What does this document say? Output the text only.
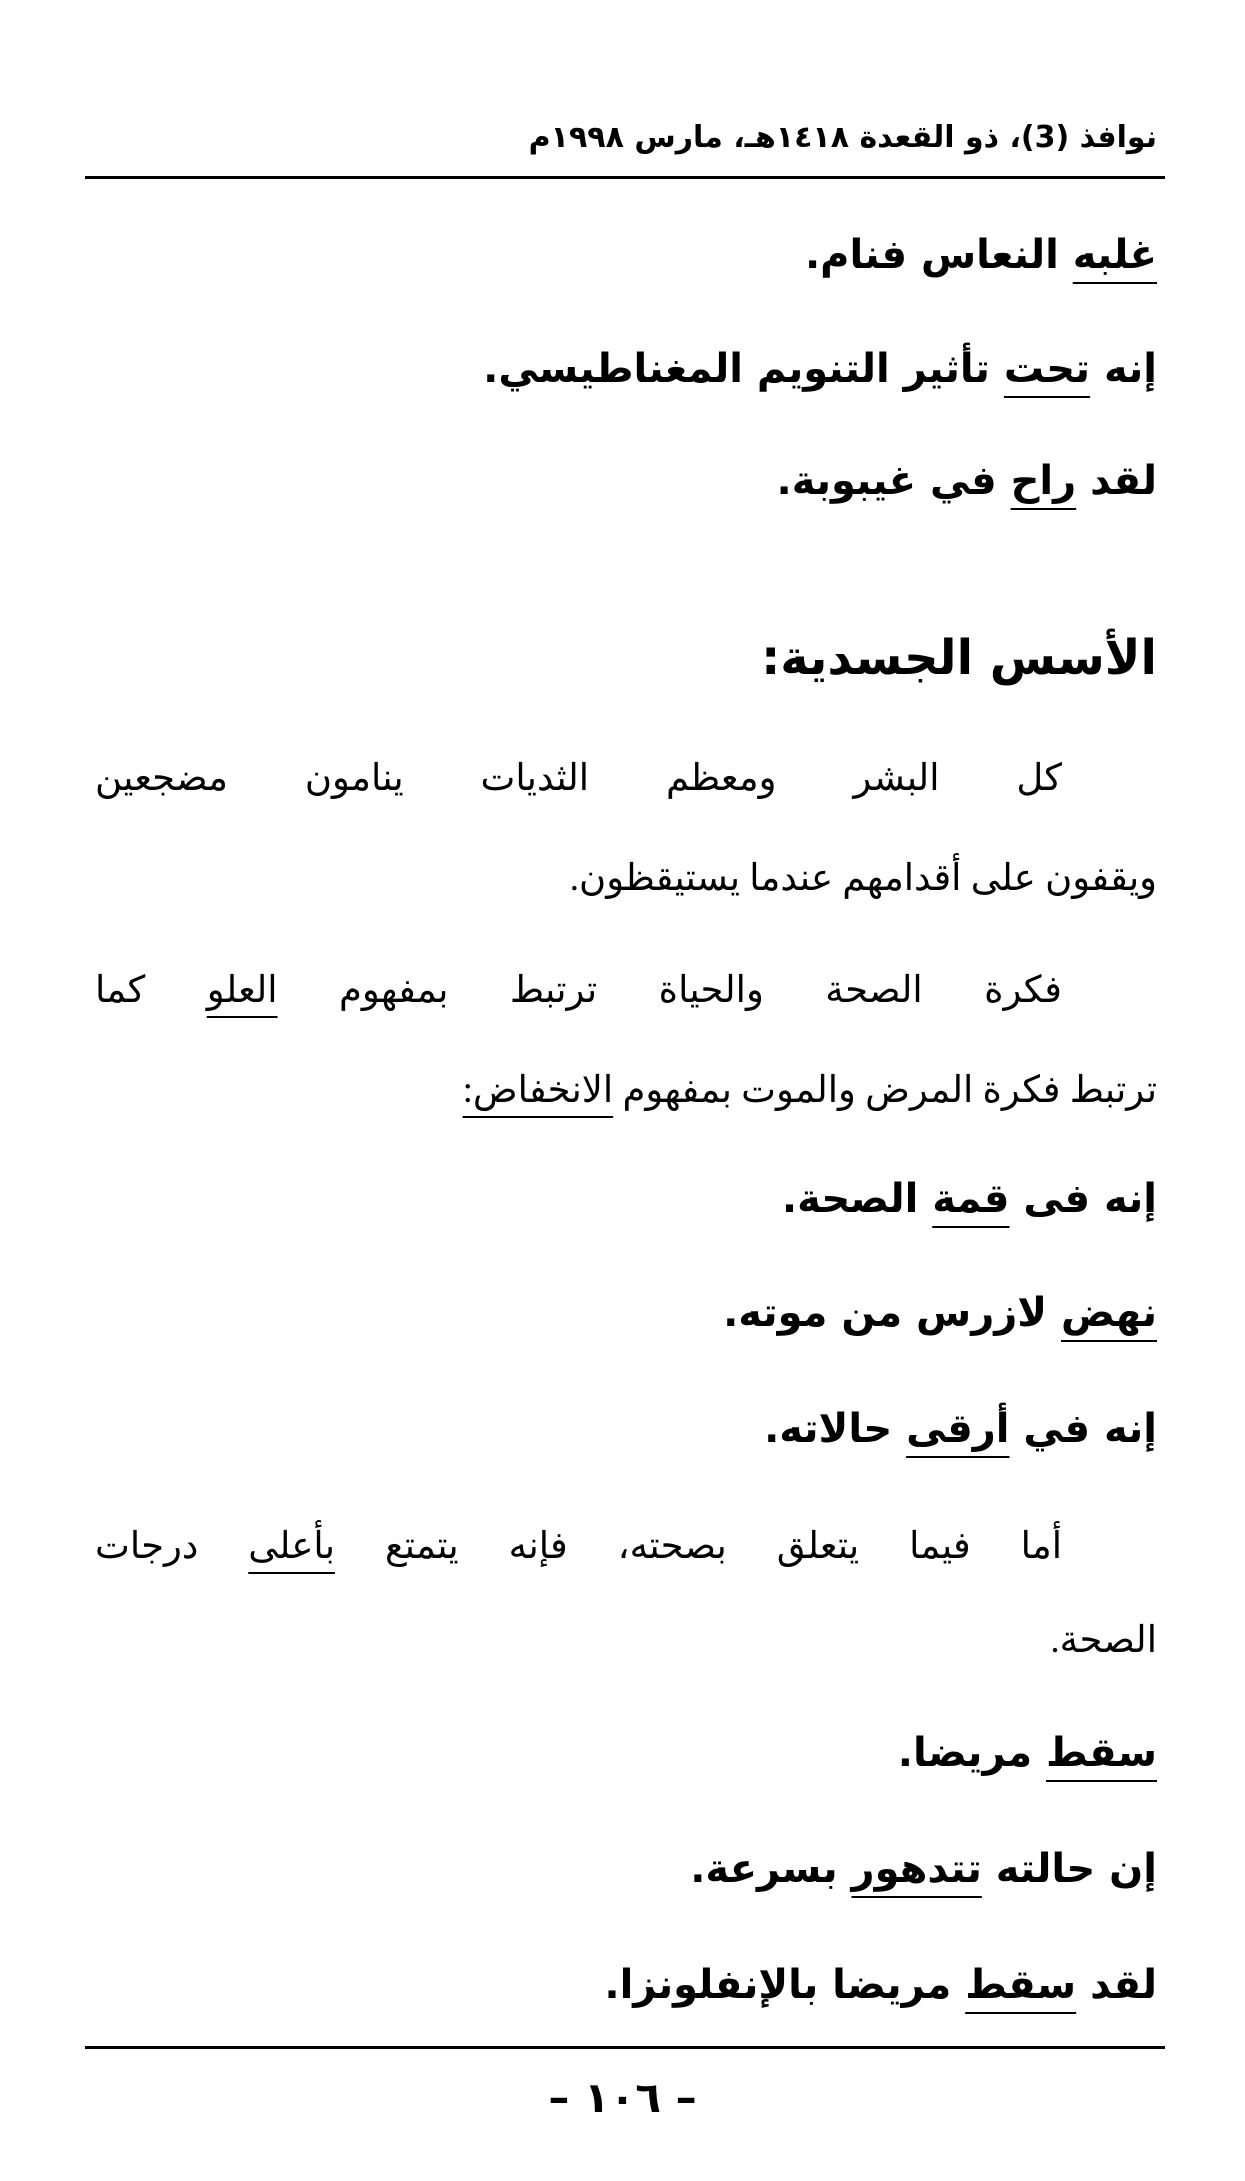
نوافذ (3)، ذو القعدة ١٤١٨هـ، مارس ١٩٩٨م
غلبه النعاس فنام.
إنه تحت تأثير التنويم المغناطيسي.
لقد راح في غيبوبة.
الأسس الجسدية:
كل البشر ومعظم الثديات ينامون مضجعين
ويقفون على أقدامهم عندما يستيقظون.
فكرة الصحة والحياة ترتبط بمفهوم العلو كما
ترتبط فكرة المرض والموت بمفهوم الانخفاض:
إنه فى قمة الصحة.
نهض لازرس من موته.
إنه في أرقى حالاته.
أما فيما يتعلق بصحته، فإنه يتمتع بأعلى درجات
الصحة.
سقط مريضا.
إن حالته تتدهور بسرعة.
لقد سقط مريضا بالإنفلونزا.
– ١٠٦ –
